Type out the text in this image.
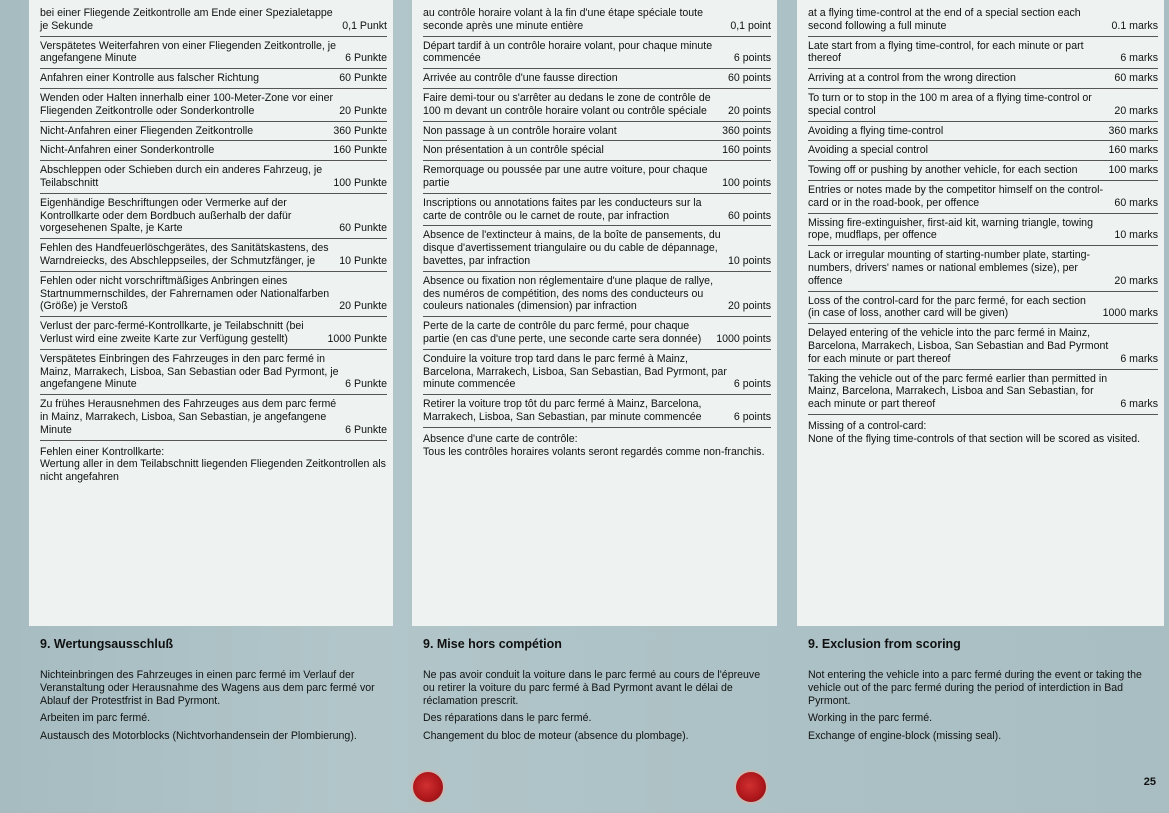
bei einer Fliegende Zeitkontrolle am Ende einer Spezialetappe je Sekunde	0,1 Punkt
Verspätetes Weiterfahren von einer Fliegenden Zeitkontrolle, je angefangene Minute	6 Punkte
Anfahren einer Kontrolle aus falscher Richtung	60 Punkte
Wenden oder Halten innerhalb einer 100-Meter-Zone vor einer Fliegenden Zeitkontrolle oder Sonderkontrolle	20 Punkte
Nicht-Anfahren einer Fliegenden Zeitkontrolle	360 Punkte
Nicht-Anfahren einer Sonderkontrolle	160 Punkte
Abschleppen oder Schieben durch ein anderes Fahrzeug, je Teilabschnitt	100 Punkte
Eigenhändige Beschriftungen oder Vermerke auf der Kontrollkarte oder dem Bordbuch außerhalb der dafür vorgesehenen Spalte, je Karte	60 Punkte
Fehlen des Handfeuerlöschgerätes, des Sanitätskastens, des Warndreiecks, des Abschleppseiles, der Schmutzfänger, je	10 Punkte
Fehlen oder nicht vorschriftmäßiges Anbringen eines Startnummernschildes, der Fahrernamen oder Nationalfarben (Größe) je Verstoß	20 Punkte
Verlust der parc-fermé-Kontrollkarte, je Teilabschnitt (bei Verlust wird eine zweite Karte zur Verfügung gestellt)	1000 Punkte
Verspätetes Einbringen des Fahrzeuges in den parc fermé in Mainz, Marrakech, Lisboa, San Sebastian oder Bad Pyrmont, je angefangene Minute	6 Punkte
Zu frühes Herausnehmen des Fahrzeuges aus dem parc fermé in Mainz, Marrakech, Lisboa, San Sebastian, je angefangene Minute	6 Punkte
Fehlen einer Kontrollkarte:
Wertung aller in dem Teilabschnitt liegenden Fliegenden Zeitkontrollen als nicht angefahren
au contrôle horaire volant à la fin d'une étape spéciale toute seconde après une minute entière	0,1 point
Départ tardif à un contrôle horaire volant, pour chaque minute commencée	6 points
Arrivée au contrôle d'une fausse direction	60 points
Faire demi-tour ou s'arrêter au dedans le zone de contrôle de 100 m devant un contrôle horaire volant ou contrôle spéciale	20 points
Non passage à un contrôle horaire volant	360 points
Non présentation à un contrôle spécial	160 points
Remorquage ou poussée par une autre voiture, pour chaque partie	100 points
Inscriptions ou annotations faites par les conducteurs sur la carte de contrôle ou le carnet de route, par infraction	60 points
Absence de l'extincteur à mains, de la boîte de pansements, du disque d'avertissement triangulaire ou du cable de dépannage, bavettes, par infraction	10 points
Absence ou fixation non réglementaire d'une plaque de rallye, des numéros de compétition, des noms des conducteurs ou couleurs nationales (dimension) par infraction	20 points
Perte de la carte de contrôle du parc fermé, pour chaque partie (en cas d'une perte, une seconde carte sera donnée)	1000 points
Conduire la voiture trop tard dans le parc fermé à Mainz, Barcelona, Marrakech, Lisboa, San Sebastian, Bad Pyrmont, par minute commencée	6 points
Retirer la voiture trop tôt du parc fermé à Mainz, Barcelona, Marrakech, Lisboa, San Sebastian, par minute commencée	6 points
Absence d'une carte de contrôle:
Tous les contrôles horaires volants seront regardés comme non-franchis.
at a flying time-control at the end of a special section each second following a full minute	0.1 marks
Late start from a flying time-control, for each minute or part thereof	6 marks
Arriving at a control from the wrong direction	60 marks
To turn or to stop in the 100 m area of a flying time-control or special control	20 marks
Avoiding a flying time-control	360 marks
Avoiding a special control	160 marks
Towing off or pushing by another vehicle, for each section	100 marks
Entries or notes made by the competitor himself on the control-card or in the road-book, per offence	60 marks
Missing fire-extinguisher, first-aid kit, warning triangle, towing rope, mudflaps, per offence	10 marks
Lack or irregular mounting of starting-number plate, starting-numbers, drivers' names or national emblemes (size), per offence	20 marks
Loss of the control-card for the parc fermé, for each section (in case of loss, another card will be given)	1000 marks
Delayed entering of the vehicle into the parc fermé in Mainz, Barcelona, Marrakech, Lisboa, San Sebastian and Bad Pyrmont for each minute or part thereof	6 marks
Taking the vehicle out of the parc fermé earlier than permitted in Mainz, Barcelona, Marrakech, Lisboa and San Sebastian, for each minute or part thereof	6 marks
Missing of a control-card:
None of the flying time-controls of that section will be scored as visited.
9. Wertungsausschluß

Nichteinbringen des Fahrzeuges in einen parc fermé im Verlauf der Veranstaltung oder Herausnahme des Wagens aus dem parc fermé vor Ablauf der Protestfrist in Bad Pyrmont.

Arbeiten im parc fermé.

Austausch des Motorblocks (Nichtvorhandensein der Plombierung).

9. Mise hors compétion

Ne pas avoir conduit la voiture dans le parc fermé au cours de l'épreuve ou retirer la voiture du parc fermé à Bad Pyrmont avant le délai de réclamation prescrit.

Des réparations dans le parc fermé.

Changement du bloc de moteur (absence du plombage).

9. Exclusion from scoring

Not entering the vehicle into a parc fermé during the event or taking the vehicle out of the parc fermé during the period of interdiction in Bad Pyrmont.

Working in the parc fermé.

Exchange of engine-block (missing seal).

25
